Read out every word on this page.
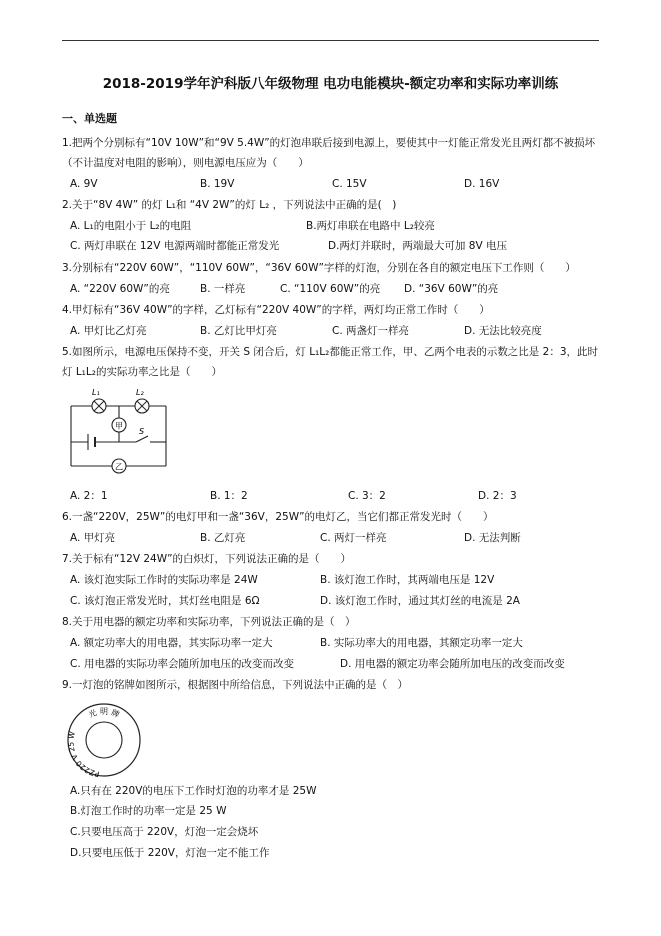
2018-2019学年沪科版八年级物理 电功电能模块-额定功率和实际功率训练
一、单选题
1.把两个分别标有“10V 10W”和“9V 5.4W”的灯泡串联后接到电源上，要使其中一灯能正常发光且两灯都不被损坏（不计温度对电阻的影响），则电源电压应为（　　）
A. 9V	B. 19V	C. 15V	D. 16V
2.关于“8V 4W” 的灯 L₁和 “4V 2W”的灯 L₂ ，下列说法中正确的是(　)
A. L₁的电阻小于 L₂的电阻	B.两灯串联在电路中 L₂较亮
C. 两灯串联在 12V 电源两端时都能正常发光	D.两灯并联时，两端最大可加 8V 电压
3.分别标有“220V 60W”，“110V 60W”，“36V 60W”字样的灯泡，分别在各自的额定电压下工作则（　　）
A. “220V 60W”的亮	B. 一样亮	C. “110V 60W”的亮 D. “36V 60W”的亮
4.甲灯标有“36V 40W”的字样，乙灯标有“220V 40W”的字样，两灯均正常工作时（　　）
A. 甲灯比乙灯亮	B. 乙灯比甲灯亮	C. 两盏灯一样亮	D. 无法比较亮度
5.如图所示，电源电压保持不变，开关 S 闭合后，灯 L₁L₂都能正常工作，甲、乙两个电表的示数之比是 2：3，此时灯 L₁L₂的实际功率之比是（　　）
L₁	L₂
甲
S
乙
A. 2：1	B. 1：2	C. 3：2	D. 2：3
6.一盏“220V，25W”的电灯甲和一盏“36V，25W”的电灯乙，当它们都正常发光时（　　）
A. 甲灯亮	B. 乙灯亮	C. 两灯一样亮	D. 无法判断
7.关于标有“12V 24W”的白炽灯，下列说法正确的是（　　）
A. 该灯泡实际工作时的实际功率是 24W	B. 该灯泡工作时，其两端电压是 12V
C. 该灯泡正常发光时，其灯丝电阻是 6Ω	D. 该灯泡工作时，通过其灯丝的电流是 2A
8.关于用电器的额定功率和实际功率，下列说法正确的是（　）
A. 额定功率大的用电器，其实际功率一定大	B. 实际功率大的用电器，其额定功率一定大
C. 用电器的实际功率会随所加电压的改变而改变	D. 用电器的额定功率会随所加电压的改变而改变
9.一灯泡的铭牌如图所示，根据图中所给信息，下列说法中正确的是（　）
光 明 牌
PZ220 V 25 W
A.只有在 220V的电压下工作时灯泡的功率才是 25W
B.灯泡工作时的功率一定是 25 W
C.只要电压高于 220V，灯泡一定会烧坏
D.只要电压低于 220V，灯泡一定不能工作
